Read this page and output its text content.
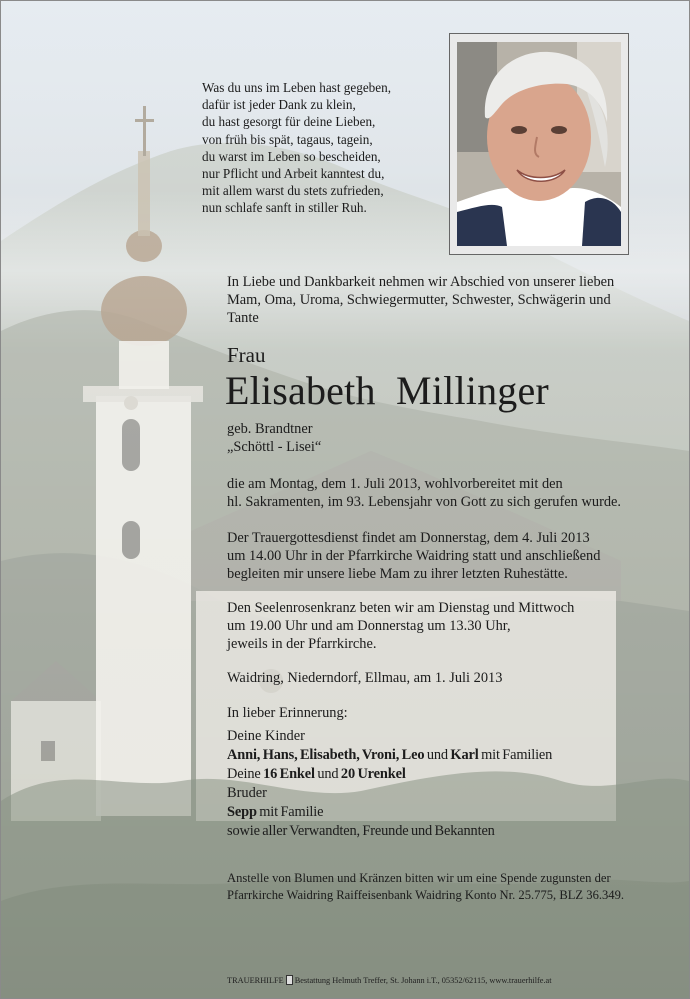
Was du uns im Leben hast gegeben,
dafür ist jeder Dank zu klein,
du hast gesorgt für deine Lieben,
von früh bis spät, tagaus, tagein,
du warst im Leben so bescheiden,
nur Pflicht und Arbeit kanntest du,
mit allem warst du stets zufrieden,
nun schlafe sanft in stiller Ruh.
In Liebe und Dankbarkeit nehmen wir Abschied von unserer lieben
Mam, Oma, Uroma, Schwiegermutter, Schwester, Schwägerin und
Tante
Frau
Elisabeth  Millinger
geb. Brandtner
„Schöttl - Lisei“
die am Montag, dem 1. Juli 2013, wohlvorbereitet mit den
hl. Sakramenten, im 93. Lebensjahr von Gott zu sich gerufen wurde.
Der Trauergottesdienst findet am Donnerstag, dem 4. Juli 2013
um 14.00 Uhr in der Pfarrkirche Waidring statt und anschließend
begleiten mir unsere liebe Mam zu ihrer letzten Ruhestätte.
Den Seelenrosenkranz beten wir am Dienstag und Mittwoch
um 19.00 Uhr und am Donnerstag um 13.30 Uhr,
jeweils in der Pfarrkirche.
Waidring, Niederndorf, Ellmau, am 1. Juli 2013
In lieber Erinnerung:
Deine Kinder
Anni, Hans, Elisabeth, Vroni, Leo und Karl mit Familien
Deine 16 Enkel und 20 Urenkel
Bruder
Sepp mit Familie
sowie aller Verwandten, Freunde und Bekannten
Anstelle von Blumen und Kränzen bitten wir um eine Spende zugunsten der Pfarrkirche Waidring Raiffeisenbank Waidring Konto Nr. 25.775, BLZ 36.349.
TRAUERHILFE Bestattung Helmuth Treffer, St. Johann i.T., 05352/62115, www.trauerhilfe.at
